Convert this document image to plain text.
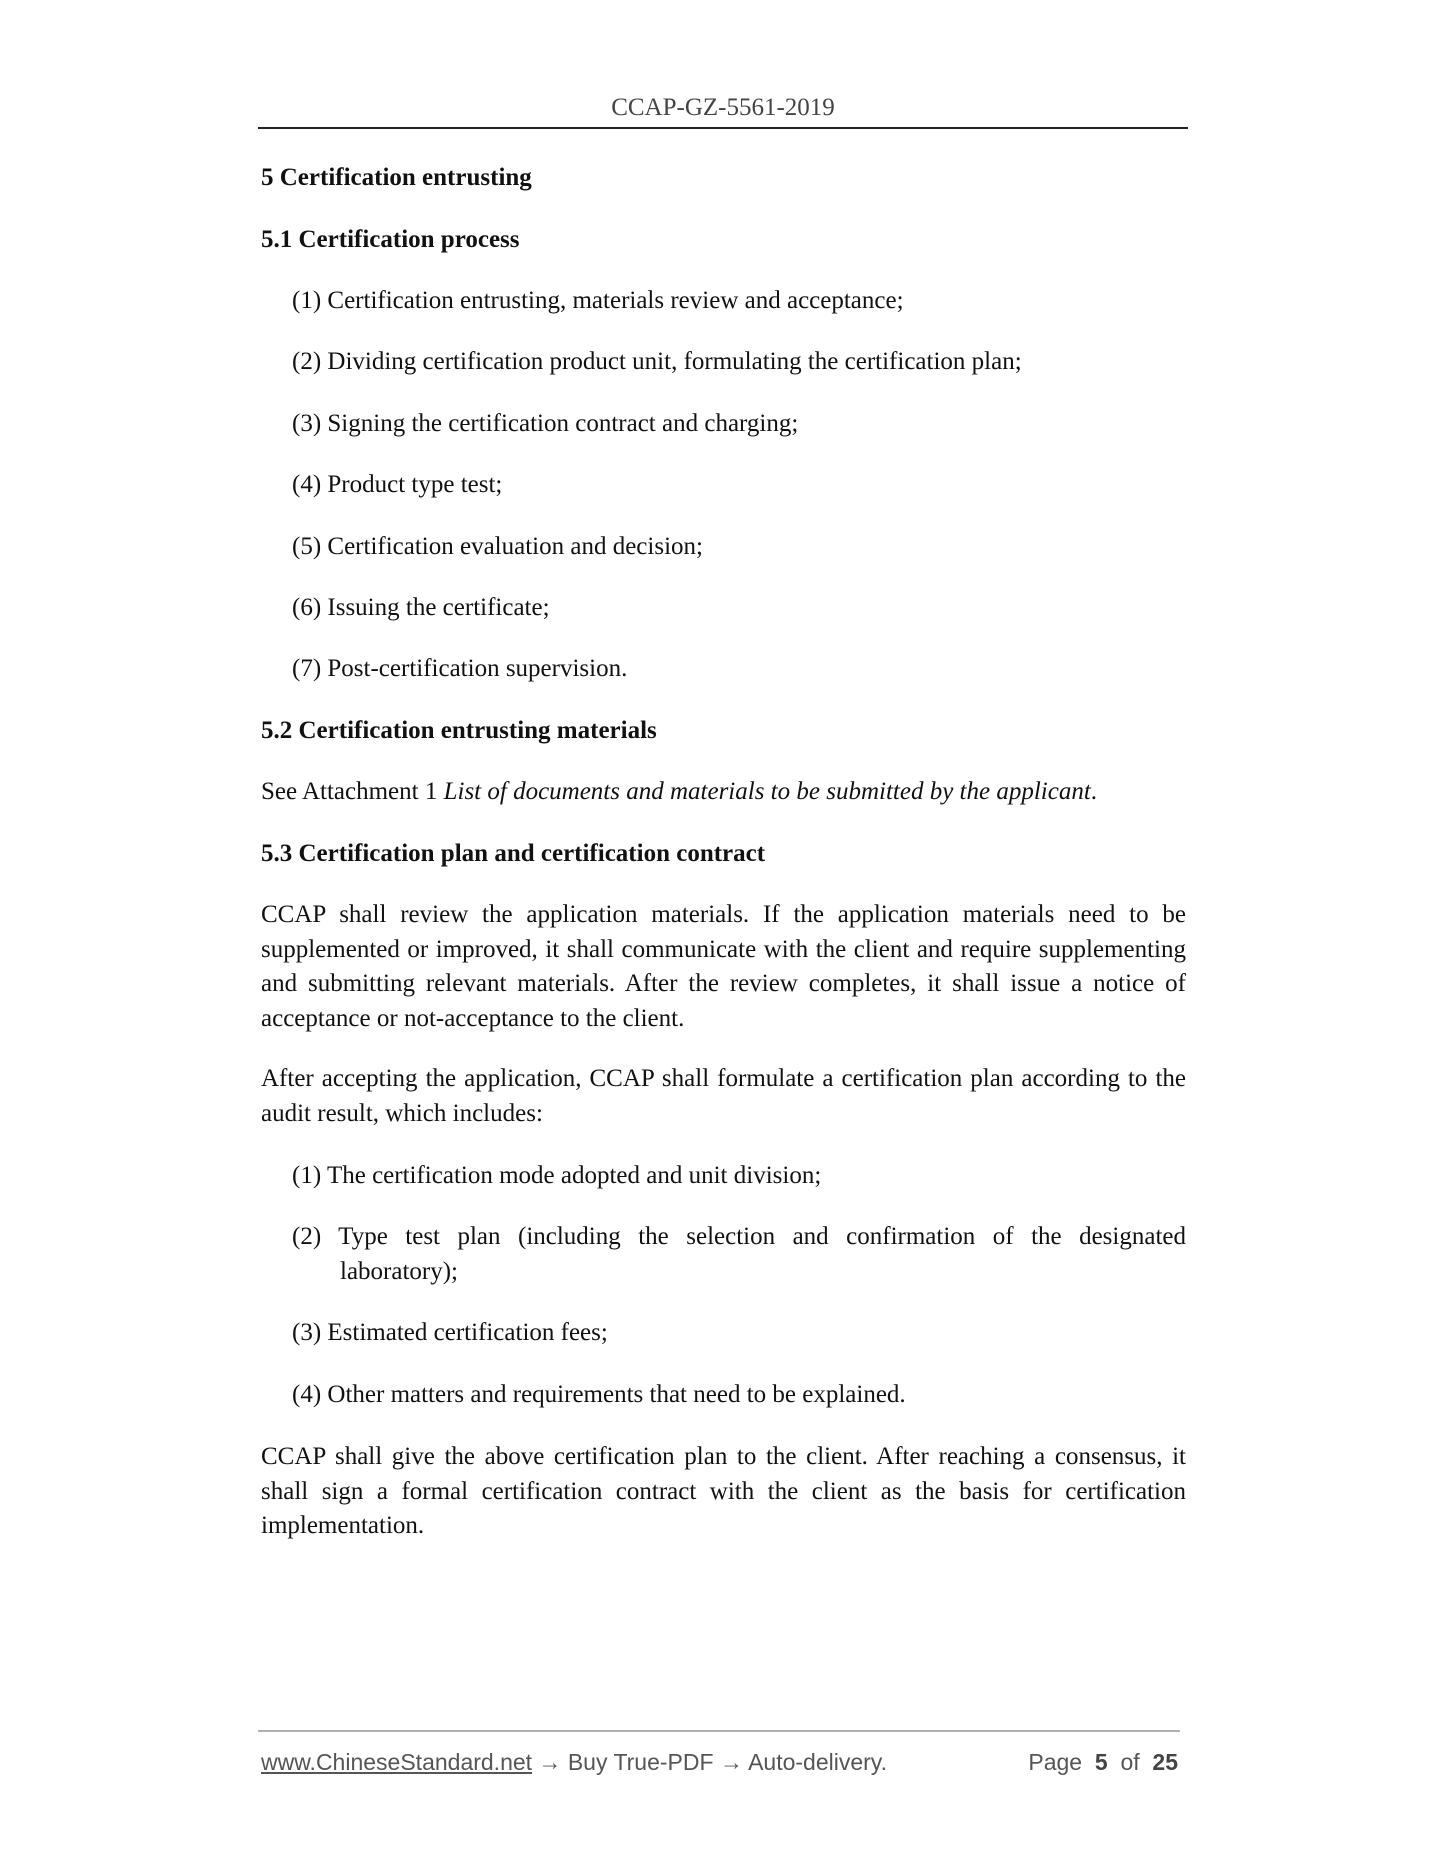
CCAP-GZ-5561-2019
5 Certification entrusting
5.1 Certification process
(1) Certification entrusting, materials review and acceptance;
(2) Dividing certification product unit, formulating the certification plan;
(3) Signing the certification contract and charging;
(4) Product type test;
(5) Certification evaluation and decision;
(6) Issuing the certificate;
(7) Post-certification supervision.
5.2 Certification entrusting materials
See Attachment 1 List of documents and materials to be submitted by the applicant.
5.3 Certification plan and certification contract
CCAP shall review the application materials. If the application materials need to be supplemented or improved, it shall communicate with the client and require supplementing and submitting relevant materials. After the review completes, it shall issue a notice of acceptance or not-acceptance to the client.
After accepting the application, CCAP shall formulate a certification plan according to the audit result, which includes:
(1) The certification mode adopted and unit division;
(2) Type test plan (including the selection and confirmation of the designated laboratory);
(3) Estimated certification fees;
(4) Other matters and requirements that need to be explained.
CCAP shall give the above certification plan to the client. After reaching a consensus, it shall sign a formal certification contract with the client as the basis for certification implementation.
www.ChineseStandard.net → Buy True-PDF → Auto-delivery.	Page 5 of 25
